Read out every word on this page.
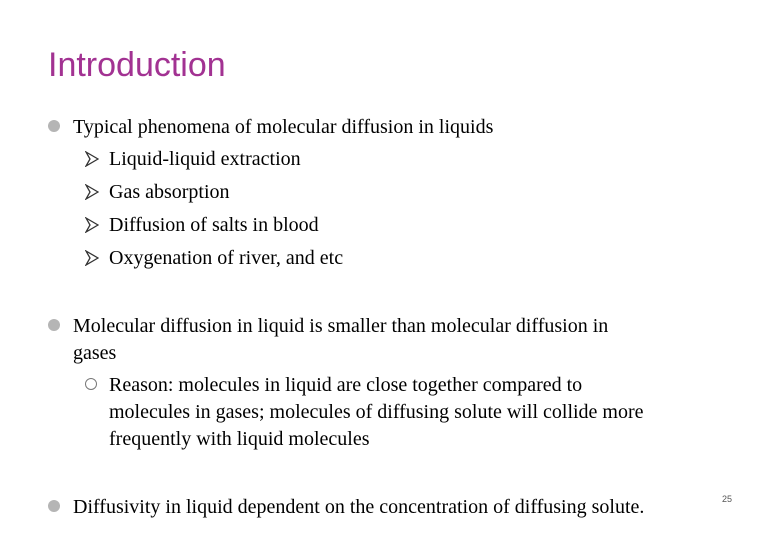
Introduction
Typical phenomena of molecular diffusion in liquids
Liquid-liquid extraction
Gas absorption
Diffusion of salts in blood
Oxygenation of river, and etc
Molecular diffusion in liquid is smaller than molecular diffusion in
gases
Reason: molecules in liquid are close together compared to
molecules in gases; molecules of diffusing solute will collide more
frequently with liquid molecules
Diffusivity in liquid dependent on the concentration of diffusing solute.	25
